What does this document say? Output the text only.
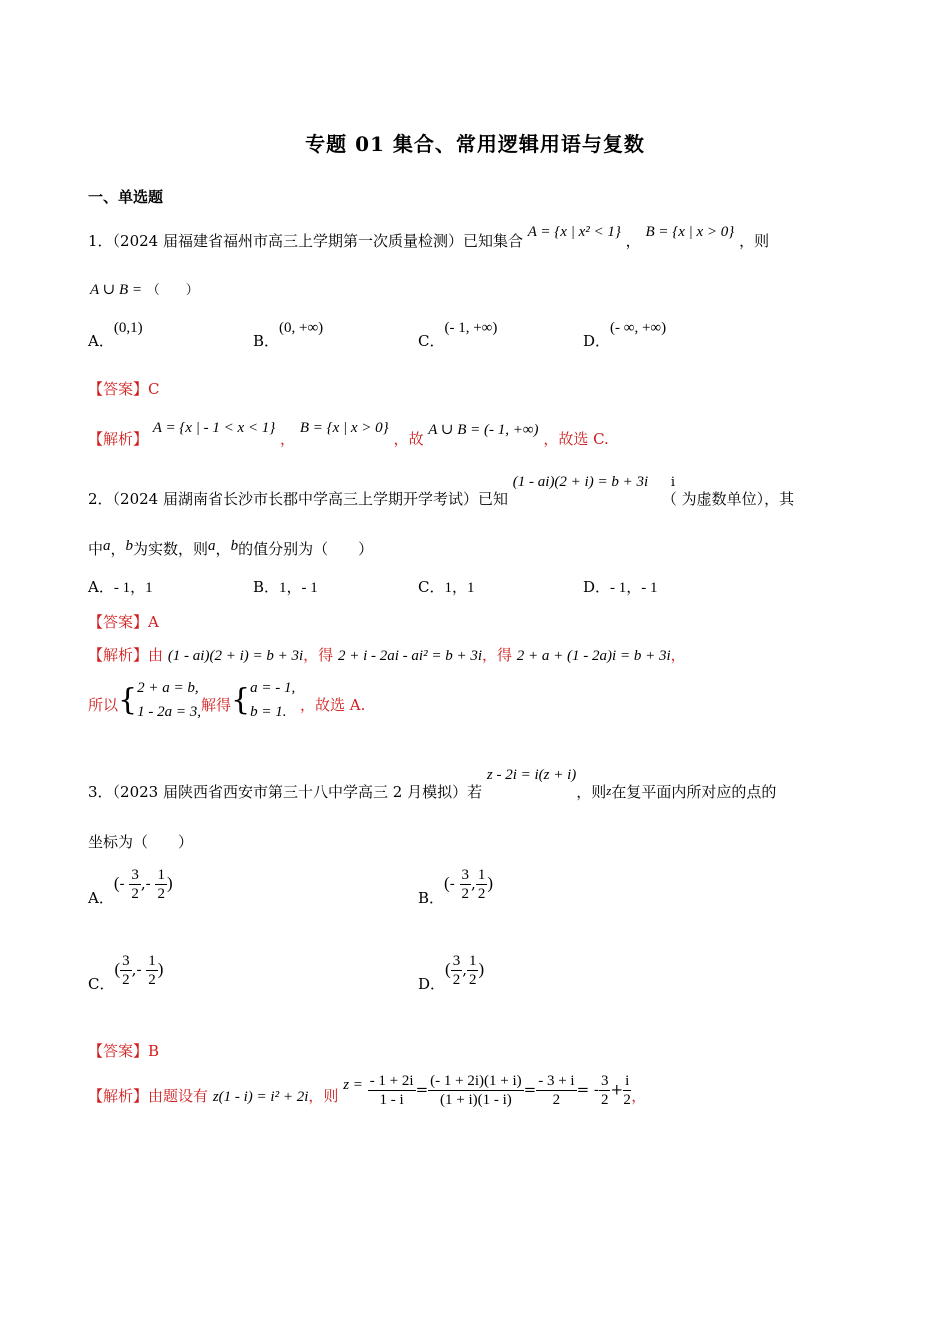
专题 01 集合、常用逻辑用语与复数
一、单选题
1．（2024 届福建省福州市高三上学期第一次质量检测）已知集合 A = {x | x² < 1} ， B = {x | x > 0} ，则
A ∪ B = （　　）
A．(0,1)
B．(0, +∞)
C．(- 1, +∞)
D．(- ∞, +∞)
【答案】C
【解析】 A = {x | - 1 < x < 1} ， B = {x | x > 0} ，故 A ∪ B = (- 1, +∞) ，故选 C.
2．（2024 届湖南省长沙市长郡中学高三上学期开学考试）已知 (1 - ai)(2 + i) = b + 3i i （ 为虚数单位），其
中a，b为实数，则a，b的值分别为（　　）
A．- 1，1	B．1，- 1	C．1，1	D．- 1，- 1
【答案】A
【解析】由 (1 - ai)(2 + i) = b + 3i，得 2 + i - 2ai - ai² = b + 3i，得 2 + a + (1 - 2a)i = b + 3i，
所以{ 2 + a = b,
1 - 2a = 3, 解得{ a = - 1,
b = 1. ，故选 A.
3．（2023 届陕西省西安市第三十八中学高三 2 月模拟）若 z - 2i = i(z + i)，则z在复平面内所对应的点的
坐标为（　　）
A．(- $\frac{3}{2}$ ,- $\frac{1}{2}$ )
B．(- $\frac{3}{2}$ , $\frac{1}{2}$ )
C．( $\frac{3}{2}$ ,- $\frac{1}{2}$ )
D．( $\frac{3}{2}$ , $\frac{1}{2}$ )
【答案】B
【解析】由题设有 z(1 - i) = i² + 2i，则 $z = \frac{- 1 + 2i}{1 - i} = \frac{(- 1 + 2i)(1 + i)}{(1 + i)(1 - i)} = \frac{- 3 + i}{2}$ = - $\frac{3}{2} + \frac{i}{2}$ ，
